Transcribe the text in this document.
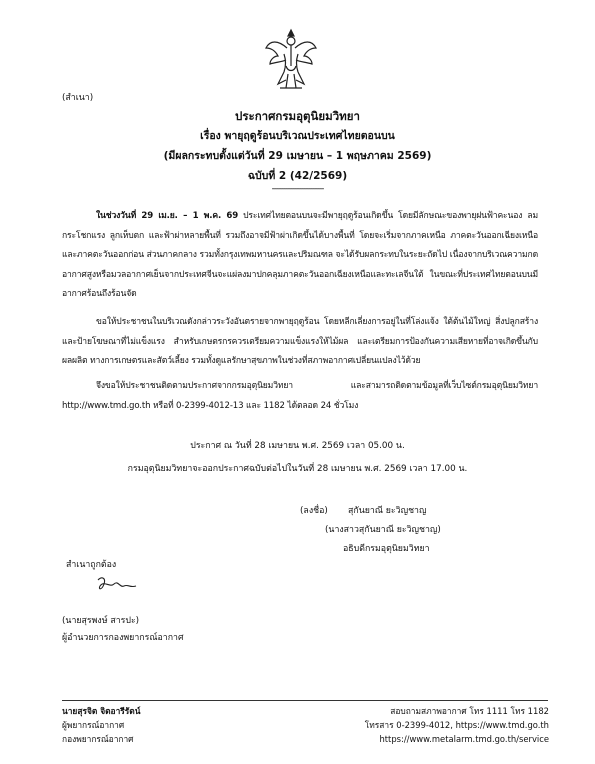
(สำเนา)
ประกาศกรมอุตุนิยมวิทยา
เรื่อง พายุฤดูร้อนบริเวณประเทศไทยตอนบน
(มีผลกระทบตั้งแต่วันที่ 29 เมษายน – 1 พฤษภาคม 2569)
ฉบับที่ 2 (42/2569)
-----------------------
ในช่วงวันที่ 29 เม.ย. – 1 พ.ค. 69 ประเทศไทยตอนบนจะมีพายุฤดูร้อนเกิดขึ้น โดยมีลักษณะของพายุฝนฟ้าคะนอง ลมกระโชกแรง ลูกเห็บตก และฟ้าผ่าหลายพื้นที่ รวมถึงอาจมีฟ้าผ่าเกิดขึ้นได้บางพื้นที่ โดยจะเริ่มจากภาคเหนือ ภาคตะวันออกเฉียงเหนือ และภาคตะวันออกก่อน ส่วนภาคกลาง รวมทั้งกรุงเทพมหานครและปริมณฑล จะได้รับผลกระทบในระยะถัดไป เนื่องจากบริเวณความกดอากาศสูงหรือมวลอากาศเย็นจากประเทศจีนจะแผ่ลงมาปกคลุมภาคตะวันออกเฉียงเหนือและทะเลจีนใต้ ในขณะที่ประเทศไทยตอนบนมีอากาศร้อนถึงร้อนจัด
ขอให้ประชาชนในบริเวณดังกล่าวระวังอันตรายจากพายุฤดูร้อน โดยหลีกเลี่ยงการอยู่ในที่โล่งแจ้ง ใต้ต้นไม้ใหญ่ สิ่งปลูกสร้างและป้ายโฆษณาที่ไม่แข็งแรง สำหรับเกษตรกรควรเตรียมความแข็งแรงให้ไม้ผล และเตรียมการป้องกันความเสียหายที่อาจเกิดขึ้นกับผลผลิต ทางการเกษตรและสัตว์เลี้ยง รวมทั้งดูแลรักษาสุขภาพในช่วงที่สภาพอากาศเปลี่ยนแปลงไว้ด้วย
จึงขอให้ประชาชนติดตามประกาศจากกรมอุตุนิยมวิทยา และสามารถติดตามข้อมูลที่เว็บไซต์กรมอุตุนิยมวิทยา http://www.tmd.go.th หรือที่ 0-2399-4012-13 และ 1182 ได้ตลอด 24 ชั่วโมง
ประกาศ ณ วันที่ 28 เมษายน พ.ศ. 2569 เวลา 05.00 น.
กรมอุตุนิยมวิทยาจะออกประกาศฉบับต่อไปในวันที่ 28 เมษายน พ.ศ. 2569 เวลา 17.00 น.
(ลงชื่อ) สุกันยาณี ยะวิญชาญ
(นางสาวสุกันยาณี ยะวิญชาญ)
อธิบดีกรมอุตุนิยมวิทยา
สำเนาถูกต้อง
(นายสุรพงษ์ สารปะ)
ผู้อำนวยการกองพยากรณ์อากาศ
นายสุรจิต จิตอารีรัตน์
ผู้พยากรณ์อากาศ
กองพยากรณ์อากาศ
สอบถามสภาพอากาศ โทร 1111 โทร 1182
โทรสาร 0-2399-4012, https://www.tmd.go.th
https://www.metalarm.tmd.go.th/service
